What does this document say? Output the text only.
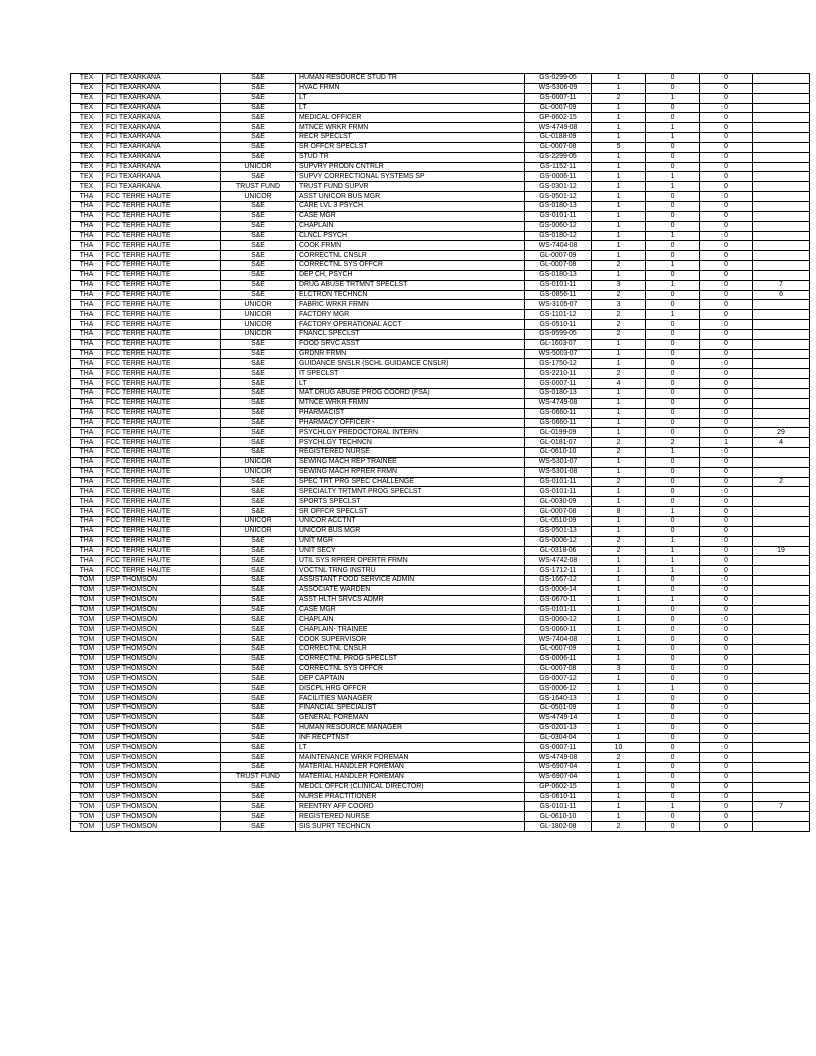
TEX	FCI TEXARKANA	S&E	HUMAN RESOURCE STUD TR	GS-0299-05	1	0	0	
TEX	FCI TEXARKANA	S&E	HVAC FRMN	WS-5306-09	1	0	0	
TEX	FCI TEXARKANA	S&E	LT	GS-0007-11	2	1	0	
TEX	FCI TEXARKANA	S&E	LT	GL-0007-09	1	0	0	
TEX	FCI TEXARKANA	S&E	MEDICAL OFFICER	GP-0602-15	1	0	0	
TEX	FCI TEXARKANA	S&E	MTNCE WRKR FRMN	WS-4749-08	1	1	0	
TEX	FCI TEXARKANA	S&E	RECR SPECLST	GL-0188-09	1	1	0	
TEX	FCI TEXARKANA	S&E	SR OFFCR SPECLST	GL-0007-08	5	0	0	
TEX	FCI TEXARKANA	S&E	STUD TR	GS-2299-05	1	0	0	
TEX	FCI TEXARKANA	UNICOR	SUPVRY PRODN CNTRLR	GS-1152-11	1	0	0	
TEX	FCI TEXARKANA	S&E	SUPVY CORRECTIONAL SYSTEMS SP	GS-0006-11	1	1	0	
TEX	FCI TEXARKANA	TRUST FUND	TRUST FUND SUPVR	GS-0301-12	1	1	0	
THA	FCC TERRE HAUTE	UNICOR	ASST UNICOR BUS MGR	GS-0501-12	1	0	0	
THA	FCC TERRE HAUTE	S&E	CARE LVL 3 PSYCH	GS-0180-13	1	0	0	
THA	FCC TERRE HAUTE	S&E	CASE MGR	GS-0101-11	1	0	0	
THA	FCC TERRE HAUTE	S&E	CHAPLAIN	GS-0060-12	1	0	0	
THA	FCC TERRE HAUTE	S&E	CLNCL PSYCH	GS-0180-12	1	1	0	
THA	FCC TERRE HAUTE	S&E	COOK FRMN	WS-7404-08	1	0	0	
THA	FCC TERRE HAUTE	S&E	CORRECTNL CNSLR	GL-0007-09	1	0	0	
THA	FCC TERRE HAUTE	S&E	CORRECTNL SYS OFFCR	GL-0007-08	2	1	0	
THA	FCC TERRE HAUTE	S&E	DEP CH, PSYCH	GS-0180-13	1	0	0	
THA	FCC TERRE HAUTE	S&E	DRUG ABUSE TRTMNT SPECLST	GS-0101-11	3	1	0	7
THA	FCC TERRE HAUTE	S&E	ELCTRON TECHNCN	GS-0856-11	2	0	0	6
THA	FCC TERRE HAUTE	UNICOR	FABRIC WRKR FRMN	WS-3105-07	3	0	0	
THA	FCC TERRE HAUTE	UNICOR	FACTORY MGR	GS-1101-12	2	1	0	
THA	FCC TERRE HAUTE	UNICOR	FACTORY OPERATIONAL ACCT	GS-0510-11	2	0	0	
THA	FCC TERRE HAUTE	UNICOR	FNANCL SPECLST	GS-0599-05	2	0	0	
THA	FCC TERRE HAUTE	S&E	FOOD SRVC ASST	GL-1603-07	1	0	0	
THA	FCC TERRE HAUTE	S&E	GRDNR FRMN	WS-5003-07	1	0	0	
THA	FCC TERRE HAUTE	S&E	GUIDANCE SNSLR (SCHL GUIDANCE CNSLR)	GS-1750-12	1	0	0	
THA	FCC TERRE HAUTE	S&E	IT SPECLST	GS-2210-11	2	0	0	
THA	FCC TERRE HAUTE	S&E	LT	GS-0007-11	4	0	0	
THA	FCC TERRE HAUTE	S&E	MAT DRUG ABUSE PROG COORD (FSA)	GS-0180-13	1	0	0	
THA	FCC TERRE HAUTE	S&E	MTNCE WRKR FRMN	WS-4749-08	1	0	0	
THA	FCC TERRE HAUTE	S&E	PHARMACIST	GS-0660-11	1	0	0	
THA	FCC TERRE HAUTE	S&E	PHARMACY OFFICER -	GS-0660-11	1	0	0	
THA	FCC TERRE HAUTE	S&E	PSYCHLGY PREDOCTORAL INTERN	GL-0199-09	1	0	0	29
THA	FCC TERRE HAUTE	S&E	PSYCHLGY TECHNCN	GL-0181-07	2	2	1	4
THA	FCC TERRE HAUTE	S&E	REGISTERED NURSE	GL-0610-10	2	1	0	
THA	FCC TERRE HAUTE	UNICOR	SEWING MACH REP TRAINEE	WS-5301-07	1	0	0	
THA	FCC TERRE HAUTE	UNICOR	SEWING MACH RPRER FRMN	WS-5301-08	1	0	0	
THA	FCC TERRE HAUTE	S&E	SPEC TRT PRG SPEC CHALLENGE	GS-0101-11	2	0	0	2
THA	FCC TERRE HAUTE	S&E	SPECIALTY TRTMNT PROG SPECLST	GS-0101-11	1	0	0	
THA	FCC TERRE HAUTE	S&E	SPORTS SPECLST	GL-0030-09	1	0	0	
THA	FCC TERRE HAUTE	S&E	SR OFFCR SPECLST	GL-0007-08	8	1	0	
THA	FCC TERRE HAUTE	UNICOR	UNICOR ACCTNT	GL-0510-09	1	0	0	
THA	FCC TERRE HAUTE	UNICOR	UNICOR BUS MGR	GS-0501-13	1	0	0	
THA	FCC TERRE HAUTE	S&E	UNIT MGR	GS-0006-12	2	1	0	
THA	FCC TERRE HAUTE	S&E	UNIT SECY	GL-0318-06	2	1	0	19
THA	FCC TERRE HAUTE	S&E	UTIL SYS RPRER OPERTR FRMN	WS-4742-08	1	1	0	
THA	FCC TERRE HAUTE	S&E	VOCTNL TRNG INSTRU	GS-1712-11	1	1	0	
TOM	USP THOMSON	S&E	ASSISTANT FOOD SERVICE ADMIN	GS-1667-12	1	0	0	
TOM	USP THOMSON	S&E	ASSOCIATE WARDEN	GS-0006-14	1	0	0	
TOM	USP THOMSON	S&E	ASST HLTH SRVCS ADMR	GS-0670-11	1	1	0	
TOM	USP THOMSON	S&E	CASE MGR	GS-0101-11	1	0	0	
TOM	USP THOMSON	S&E	CHAPLAIN	GS-0060-12	1	0	0	
TOM	USP THOMSON	S&E	CHAPLAIN- TRAINEE	GS-0060-11	1	0	0	
TOM	USP THOMSON	S&E	COOK SUPERVISOR	WS-7404-08	1	0	0	
TOM	USP THOMSON	S&E	CORRECTNL CNSLR	GL-0007-09	1	0	0	
TOM	USP THOMSON	S&E	CORRECTNL PROG SPECLST	GS-0006-11	1	0	0	
TOM	USP THOMSON	S&E	CORRECTNL SYS OFFCR	GL-0007-08	3	0	0	
TOM	USP THOMSON	S&E	DEP CAPTAIN	GS-0007-12	1	0	0	
TOM	USP THOMSON	S&E	DISCPL HRG OFFCR	GS-0006-12	1	1	0	
TOM	USP THOMSON	S&E	FACILITIES MANAGER	GS-1640-13	1	0	0	
TOM	USP THOMSON	S&E	FINANCIAL SPECIALIST	GL-0501-09	1	0	0	
TOM	USP THOMSON	S&E	GENERAL FOREMAN	WS-4749-14	1	0	0	
TOM	USP THOMSON	S&E	HUMAN RESOURCE MANAGER	GS-0201-13	1	0	0	
TOM	USP THOMSON	S&E	INF RECPTNST	GL-0304-04	1	0	0	
TOM	USP THOMSON	S&E	LT	GS-0007-11	10	0	0	
TOM	USP THOMSON	S&E	MAINTENANCE WRKR FOREMAN	WS-4749-08	2	0	0	
TOM	USP THOMSON	S&E	MATERIAL HANDLER FOREMAN	WS-6907-04	1	0	0	
TOM	USP THOMSON	TRUST FUND	MATERIAL HANDLER FOREMAN	WS-6907-04	1	0	0	
TOM	USP THOMSON	S&E	MEDCL OFFCR (CLINICAL DIRECTOR)	GP-0602-15	1	0	0	
TOM	USP THOMSON	S&E	NURSE PRACTITIONER	GS-0610-11	1	0	0	
TOM	USP THOMSON	S&E	REENTRY AFF COORD	GS-0101-11	1	1	0	7
TOM	USP THOMSON	S&E	REGISTERED NURSE	GL-0610-10	1	0	0	
TOM	USP THOMSON	S&E	SIS SUPRT TECHNCN	GL-1802-08	2	0	0	
